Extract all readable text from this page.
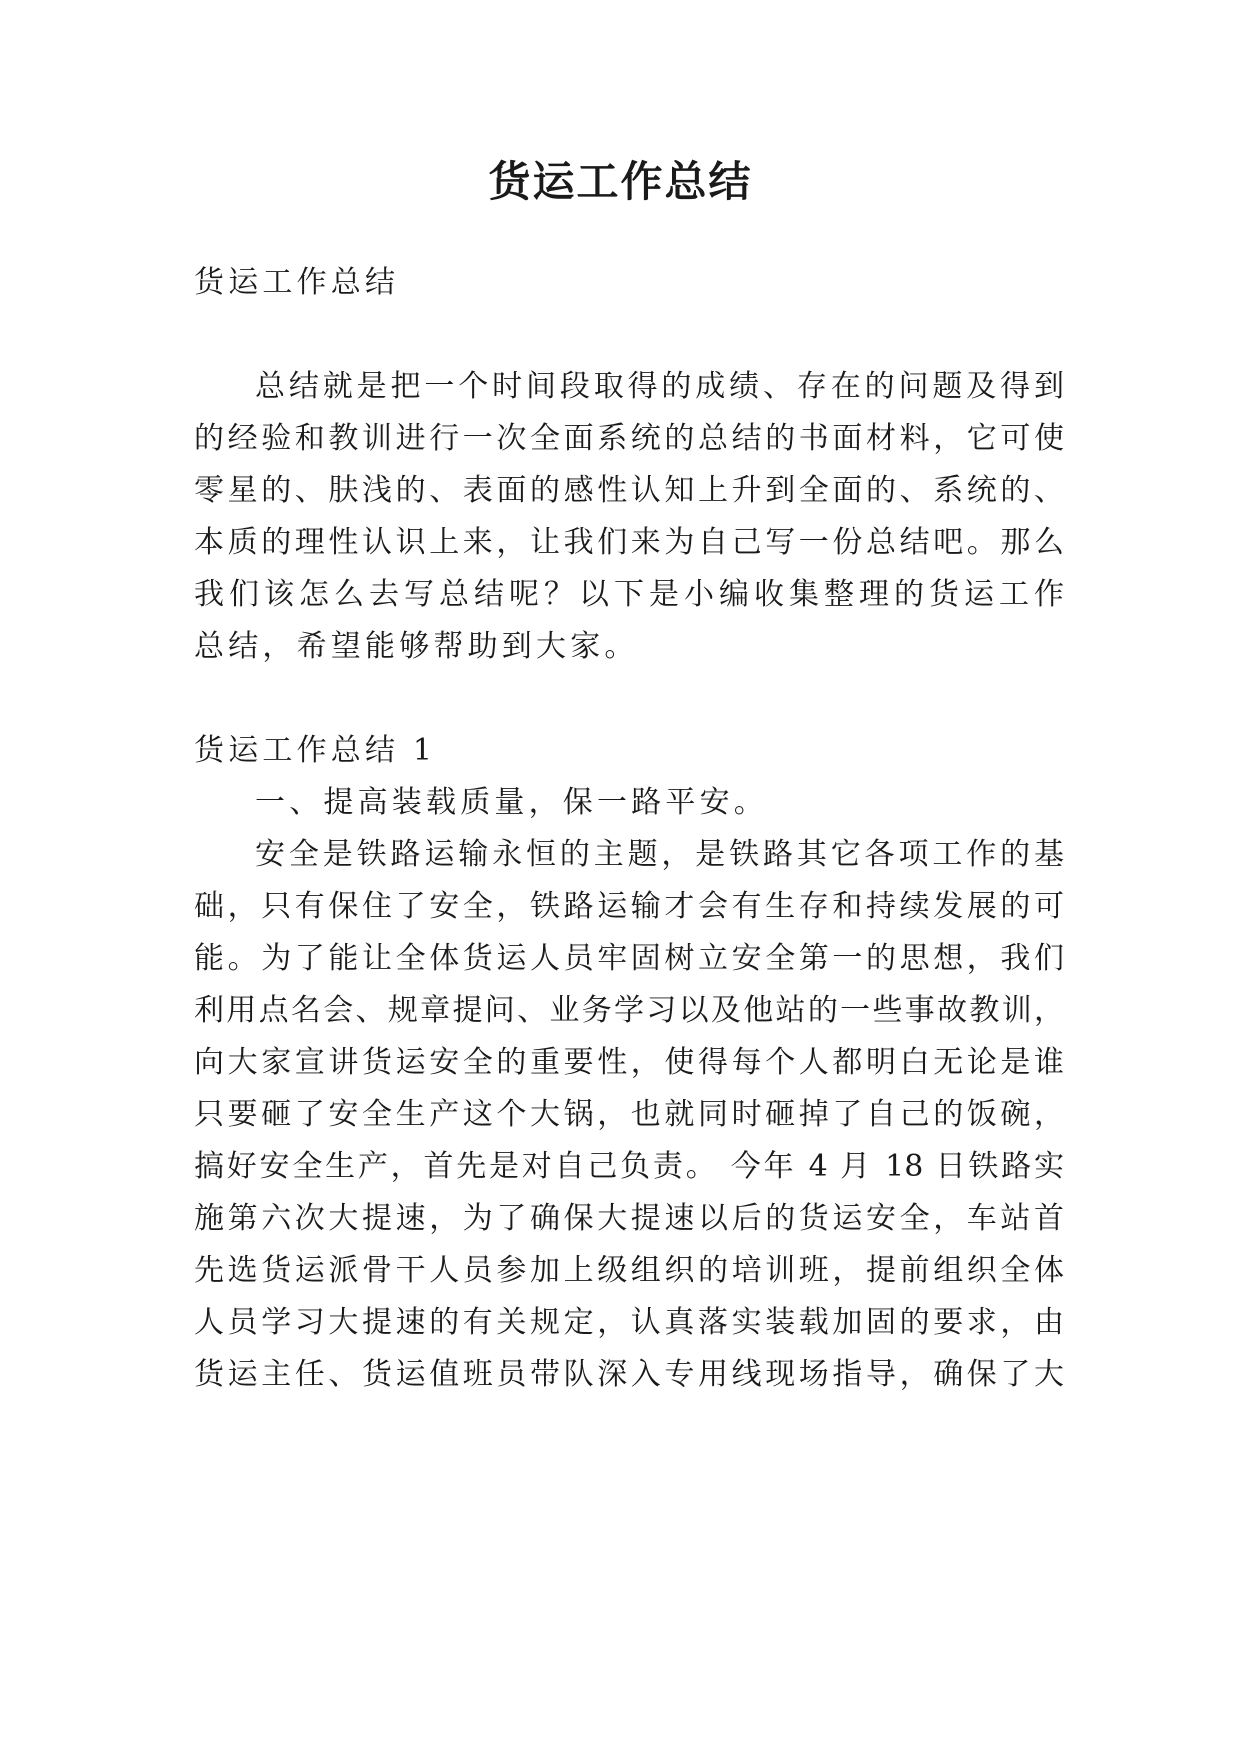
货运工作总结
货运工作总结
总结就是把一个时间段取得的成绩、存在的问题及得到
的经验和教训进行一次全面系统的总结的书面材料，它可使
零星的、肤浅的、表面的感性认知上升到全面的、系统的、
本质的理性认识上来，让我们来为自己写一份总结吧。那么
我们该怎么去写总结呢？以下是小编收集整理的货运工作
总结，希望能够帮助到大家。
货运工作总结 1
一、提高装载质量，保一路平安。
安全是铁路运输永恒的主题，是铁路其它各项工作的基
础，只有保住了安全，铁路运输才会有生存和持续发展的可
能。为了能让全体货运人员牢固树立安全第一的思想，我们
利用点名会、规章提问、业务学习以及他站的一些事故教训，
向大家宣讲货运安全的重要性，使得每个人都明白无论是谁
只要砸了安全生产这个大锅，也就同时砸掉了自己的饭碗，
搞好安全生产，首先是对自己负责。 今年 4 月 18 日铁路实
施第六次大提速，为了确保大提速以后的货运安全，车站首
先选货运派骨干人员参加上级组织的培训班，提前组织全体
人员学习大提速的有关规定，认真落实装载加固的要求，由
货运主任、货运值班员带队深入专用线现场指导，确保了大
